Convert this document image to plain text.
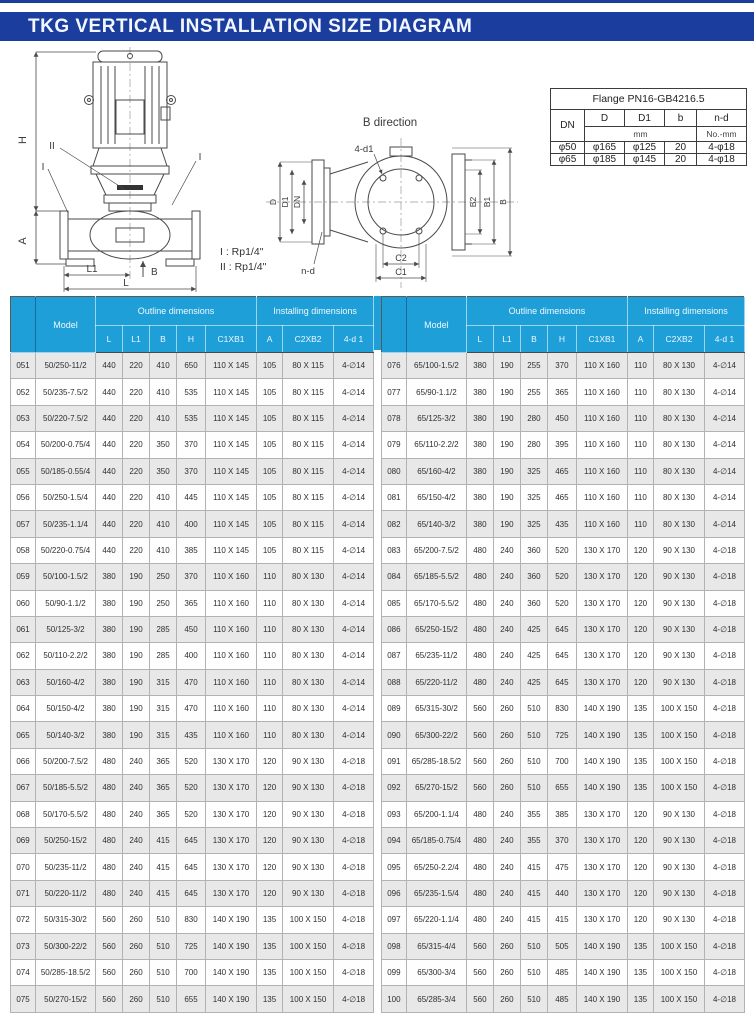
TKG VERTICAL INSTALLATION SIZE DIAGRAM
H
A
L1
L
B
II
I
I
B direction
4-d1
D D1 DN
n-d
B2 B1 B
C2
C1
I : Rp1/4"
II : Rp1/4"
Flange PN16-GB4216.5				
DN	D	D1	b	n-d
	mm			No.-mm
φ50	φ165	φ125	20	4-φ18
φ65	φ185	φ145	20	4-φ18
	Model	Outline dimensions					Installing dimensions		
		L	L1	B	H	C1XB1	A	C2XB2	4-d 1
051	50/250-11/2	440	220	410	650	110 X 145	105	80 X 115	4-∅14
052	50/235-7.5/2	440	220	410	535	110 X 145	105	80 X 115	4-∅14
053	50/220-7.5/2	440	220	410	535	110 X 145	105	80 X 115	4-∅14
054	50/200-0.75/4	440	220	350	370	110 X 145	105	80 X 115	4-∅14
055	50/185-0.55/4	440	220	350	370	110 X 145	105	80 X 115	4-∅14
056	50/250-1.5/4	440	220	410	445	110 X 145	105	80 X 115	4-∅14
057	50/235-1.1/4	440	220	410	400	110 X 145	105	80 X 115	4-∅14
058	50/220-0.75/4	440	220	410	385	110 X 145	105	80 X 115	4-∅14
059	50/100-1.5/2	380	190	250	370	110 X 160	110	80 X 130	4-∅14
060	50/90-1.1/2	380	190	250	365	110 X 160	110	80 X 130	4-∅14
061	50/125-3/2	380	190	285	450	110 X 160	110	80 X 130	4-∅14
062	50/110-2.2/2	380	190	285	400	110 X 160	110	80 X 130	4-∅14
063	50/160-4/2	380	190	315	470	110 X 160	110	80 X 130	4-∅14
064	50/150-4/2	380	190	315	470	110 X 160	110	80 X 130	4-∅14
065	50/140-3/2	380	190	315	435	110 X 160	110	80 X 130	4-∅14
066	50/200-7.5/2	480	240	365	520	130 X 170	120	90 X 130	4-∅18
067	50/185-5.5/2	480	240	365	520	130 X 170	120	90 X 130	4-∅18
068	50/170-5.5/2	480	240	365	520	130 X 170	120	90 X 130	4-∅18
069	50/250-15/2	480	240	415	645	130 X 170	120	90 X 130	4-∅18
070	50/235-11/2	480	240	415	645	130 X 170	120	90 X 130	4-∅18
071	50/220-11/2	480	240	415	645	130 X 170	120	90 X 130	4-∅18
072	50/315-30/2	560	260	510	830	140 X 190	135	100 X 150	4-∅18
073	50/300-22/2	560	260	510	725	140 X 190	135	100 X 150	4-∅18
074	50/285-18.5/2	560	260	510	700	140 X 190	135	100 X 150	4-∅18
075	50/270-15/2	560	260	510	655	140 X 190	135	100 X 150	4-∅18
	Model	Outline dimensions					Installing dimensions		
		L	L1	B	H	C1XB1	A	C2XB2	4-d 1
076	65/100-1.5/2	380	190	255	370	110 X 160	110	80 X 130	4-∅14
077	65/90-1.1/2	380	190	255	365	110 X 160	110	80 X 130	4-∅14
078	65/125-3/2	380	190	280	450	110 X 160	110	80 X 130	4-∅14
079	65/110-2.2/2	380	190	280	395	110 X 160	110	80 X 130	4-∅14
080	65/160-4/2	380	190	325	465	110 X 160	110	80 X 130	4-∅14
081	65/150-4/2	380	190	325	465	110 X 160	110	80 X 130	4-∅14
082	65/140-3/2	380	190	325	435	110 X 160	110	80 X 130	4-∅14
083	65/200-7.5/2	480	240	360	520	130 X 170	120	90 X 130	4-∅18
084	65/185-5.5/2	480	240	360	520	130 X 170	120	90 X 130	4-∅18
085	65/170-5.5/2	480	240	360	520	130 X 170	120	90 X 130	4-∅18
086	65/250-15/2	480	240	425	645	130 X 170	120	90 X 130	4-∅18
087	65/235-11/2	480	240	425	645	130 X 170	120	90 X 130	4-∅18
088	65/220-11/2	480	240	425	645	130 X 170	120	90 X 130	4-∅18
089	65/315-30/2	560	260	510	830	140 X 190	135	100 X 150	4-∅18
090	65/300-22/2	560	260	510	725	140 X 190	135	100 X 150	4-∅18
091	65/285-18.5/2	560	260	510	700	140 X 190	135	100 X 150	4-∅18
092	65/270-15/2	560	260	510	655	140 X 190	135	100 X 150	4-∅18
093	65/200-1.1/4	480	240	355	385	130 X 170	120	90 X 130	4-∅18
094	65/185-0.75/4	480	240	355	370	130 X 170	120	90 X 130	4-∅18
095	65/250-2.2/4	480	240	415	475	130 X 170	120	90 X 130	4-∅18
096	65/235-1.5/4	480	240	415	440	130 X 170	120	90 X 130	4-∅18
097	65/220-1.1/4	480	240	415	415	130 X 170	120	90 X 130	4-∅18
098	65/315-4/4	560	260	510	505	140 X 190	135	100 X 150	4-∅18
099	65/300-3/4	560	260	510	485	140 X 190	135	100 X 150	4-∅18
100	65/285-3/4	560	260	510	485	140 X 190	135	100 X 150	4-∅18
